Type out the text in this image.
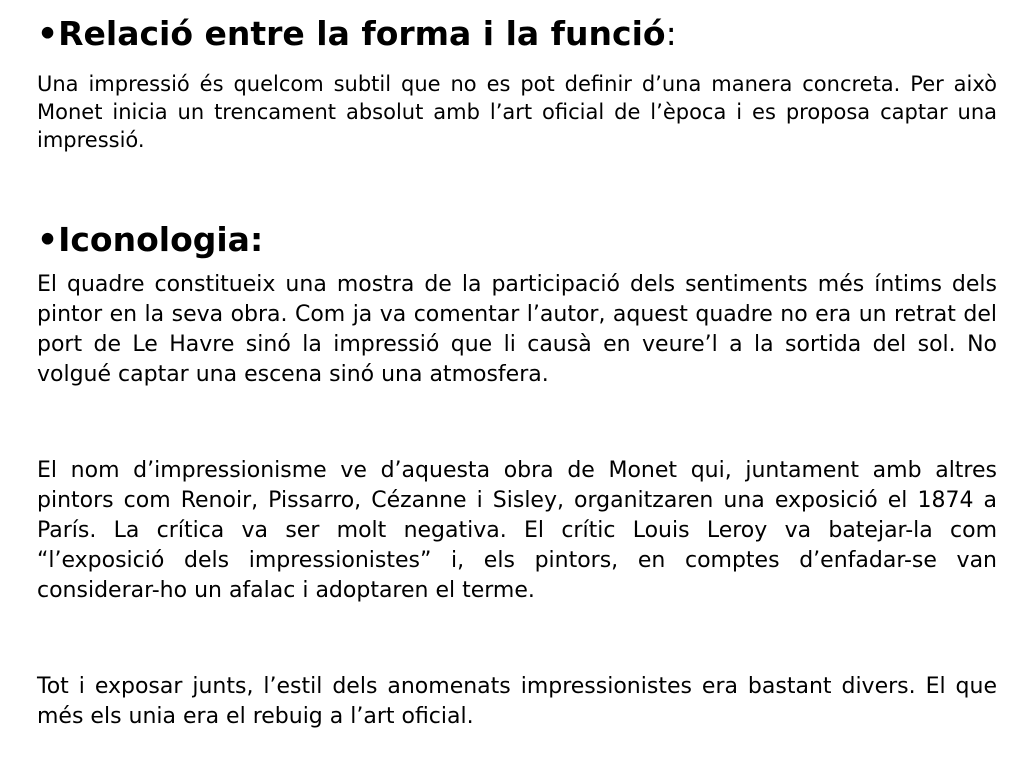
•Relació entre la forma i la funció:

Una impressió és quelcom subtil que no es pot definir d’una manera concreta. Per això Monet inicia un trencament absolut amb l’art oficial de l’època i es proposa captar una impressió.

•Iconologia:

El quadre constitueix una mostra de la participació dels sentiments més íntims dels pintor en la seva obra. Com ja va comentar l’autor, aquest quadre no era un retrat del port de Le Havre sinó la impressió que li causà en veure’l a la sortida del sol. No volgué captar una escena sinó una atmosfera.

El nom d’impressionisme ve d’aquesta obra de Monet qui, juntament amb altres pintors com Renoir, Pissarro, Cézanne i Sisley, organitzaren una exposició el 1874 a París. La crítica va ser molt negativa. El crític Louis Leroy va batejar-la com “l’exposició dels impressionistes” i, els pintors, en comptes d’enfadar-se van considerar-ho un afalac i adoptaren el terme.

Tot i exposar junts, l’estil dels anomenats impressionistes era bastant divers. El que més els unia era el rebuig a l’art oficial.
